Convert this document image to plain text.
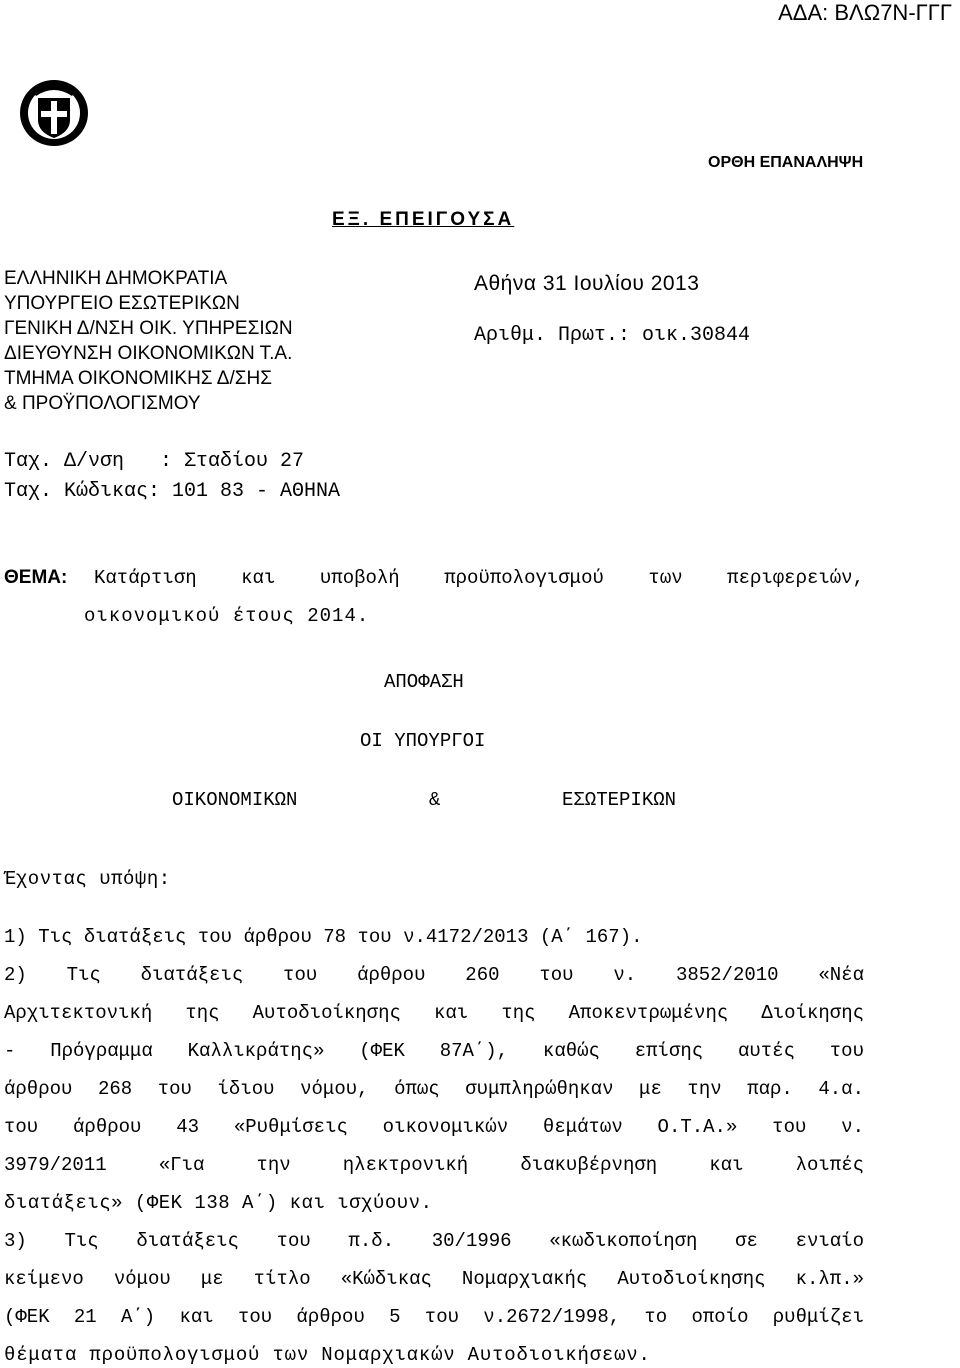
ΑΔΑ: ΒΛΩ7Ν-ΓΓΓ
ΟΡΘΗ ΕΠΑΝΑΛΗΨΗ
ΕΞ. ΕΠΕΙΓΟΥΣΑ
ΕΛΛΗΝΙΚΗ ΔΗΜΟΚΡΑΤΙΑ
ΥΠΟΥΡΓΕΙΟ ΕΣΩΤΕΡΙΚΩΝ
ΓΕΝΙΚΗ Δ/ΝΣΗ ΟΙΚ. ΥΠΗΡΕΣΙΩΝ
ΔΙΕΥΘΥΝΣΗ ΟΙΚΟΝΟΜΙΚΩΝ Τ.Α.
ΤΜΗΜΑ ΟΙΚΟΝΟΜΙΚΗΣ Δ/ΣΗΣ
& ΠΡΟΫΠΟΛΟΓΙΣΜΟΥ
Αθήνα 31 Ιουλίου 2013
Αριθμ. Πρωτ.: οικ.30844
Ταχ. Δ/νση   : Σταδίου 27
Ταχ. Κώδικας: 101 83 - ΑΘΗΝΑ
ΘΕΜΑ: Κατάρτιση και υποβολή προϋπολογισμού των περιφερειών,
οικονομικού έτους 2014.
ΑΠΟΦΑΣΗ
ΟΙ ΥΠΟΥΡΓΟΙ
ΟΙΚΟΝΟΜΙΚΩΝ	&	ΕΣΩΤΕΡΙΚΩΝ
Έχοντας υπόψη:
1) Τις διατάξεις του άρθρου 78 του ν.4172/2013 (Α΄ 167).
2) Τις διατάξεις του άρθρου 260 του ν. 3852/2010 «Νέα
Αρχιτεκτονική της Αυτοδιοίκησης και της Αποκεντρωμένης Διοίκησης
- Πρόγραμμα Καλλικράτης» (ΦΕΚ 87Α΄), καθώς επίσης αυτές του
άρθρου 268 του ίδιου νόμου, όπως συμπληρώθηκαν με την παρ. 4.α.
του άρθρου 43 «Ρυθμίσεις οικονομικών θεμάτων Ο.Τ.Α.» του ν.
3979/2011 «Για την ηλεκτρονική διακυβέρνηση και λοιπές
διατάξεις» (ΦΕΚ 138 Α΄) και ισχύουν.
3) Τις διατάξεις του π.δ. 30/1996 «κωδικοποίηση σε ενιαίο
κείμενο νόμου με τίτλο «Κώδικας Νομαρχιακής Αυτοδιοίκησης κ.λπ.»
(ΦΕΚ 21 Α΄) και του άρθρου 5 του ν.2672/1998, το οποίο ρυθμίζει
θέματα προϋπολογισμού των Νομαρχιακών Αυτοδιοικήσεων.
